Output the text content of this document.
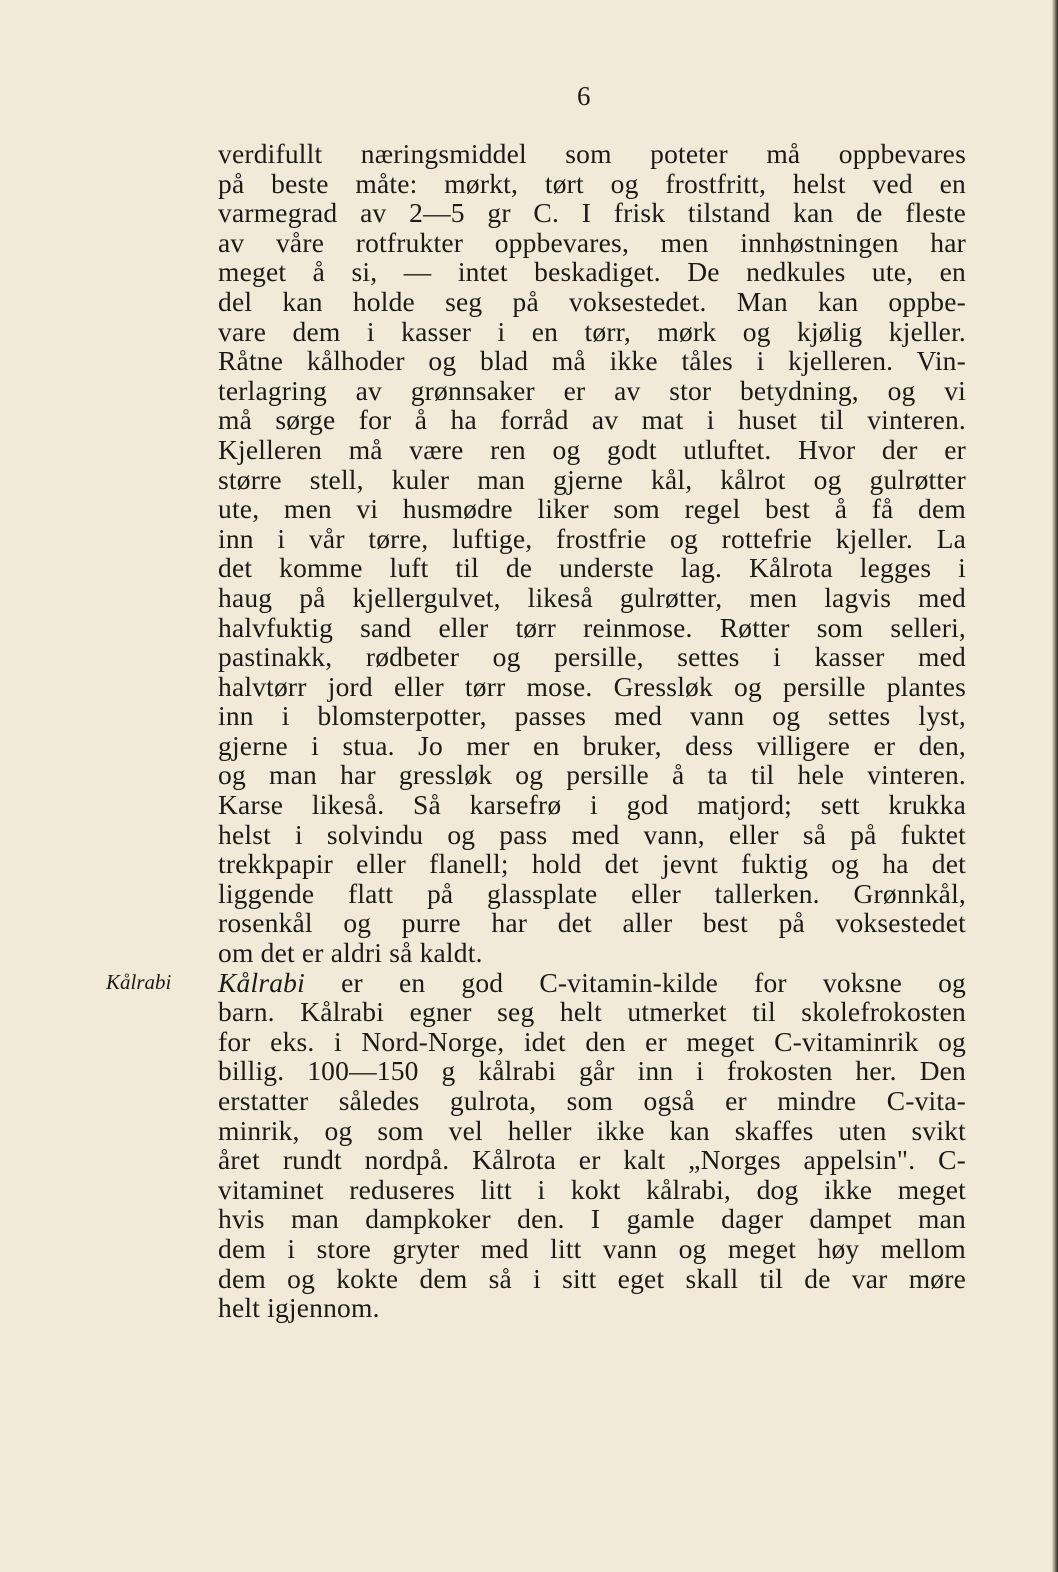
6
Kålrabi
verdifullt næringsmiddel som poteter må oppbevares
på beste måte: mørkt, tørt og frostfritt, helst ved en
varmegrad av 2—5 gr C. I frisk tilstand kan de fleste
av våre rotfrukter oppbevares, men innhøstningen har
meget å si, — intet beskadiget. De nedkules ute, en
del kan holde seg på voksestedet. Man kan oppbe-
vare dem i kasser i en tørr, mørk og kjølig kjeller.
Råtne kålhoder og blad må ikke tåles i kjelleren. Vin-
terlagring av grønnsaker er av stor betydning, og vi
må sørge for å ha forråd av mat i huset til vinteren.
Kjelleren må være ren og godt utluftet. Hvor der er
større stell, kuler man gjerne kål, kålrot og gulrøtter
ute, men vi husmødre liker som regel best å få dem
inn i vår tørre, luftige, frostfrie og rottefrie kjeller. La
det komme luft til de underste lag. Kålrota legges i
haug på kjellergulvet, likeså gulrøtter, men lagvis med
halvfuktig sand eller tørr reinmose. Røtter som selleri,
pastinakk, rødbeter og persille, settes i kasser med
halvtørr jord eller tørr mose. Gressløk og persille plantes
inn i blomsterpotter, passes med vann og settes lyst,
gjerne i stua. Jo mer en bruker, dess villigere er den,
og man har gressløk og persille å ta til hele vinteren.
Karse likeså. Så karsefrø i god matjord; sett krukka
helst i solvindu og pass med vann, eller så på fuktet
trekkpapir eller flanell; hold det jevnt fuktig og ha det
liggende flatt på glassplate eller tallerken. Grønnkål,
rosenkål og purre har det aller best på voksestedet
om det er aldri så kaldt.
Kålrabi er en god C-vitamin-kilde for voksne og
barn. Kålrabi egner seg helt utmerket til skolefrokosten
for eks. i Nord-Norge, idet den er meget C-vitaminrik og
billig. 100—150 g kålrabi går inn i frokosten her. Den
erstatter således gulrota, som også er mindre C-vita-
minrik, og som vel heller ikke kan skaffes uten svikt
året rundt nordpå. Kålrota er kalt „Norges appelsin". C-
vitaminet reduseres litt i kokt kålrabi, dog ikke meget
hvis man dampkoker den. I gamle dager dampet man
dem i store gryter med litt vann og meget høy mellom
dem og kokte dem så i sitt eget skall til de var møre
helt igjennom.
